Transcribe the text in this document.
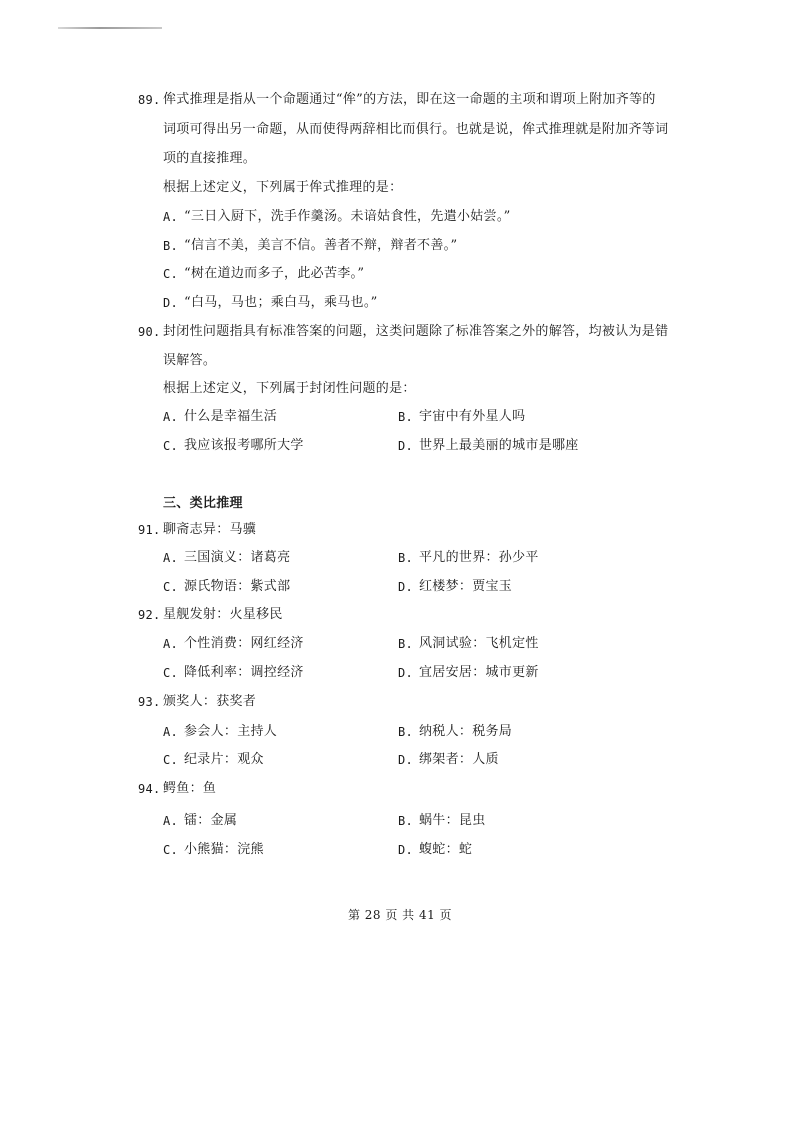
89. 侔式推理是指从一个命题通过“侔”的方法，即在这一命题的主项和谓项上附加齐等的
词项可得出另一命题，从而使得两辞相比而俱行。也就是说，侔式推理就是附加齐等词
项的直接推理。
根据上述定义，下列属于侔式推理的是：
A. “三日入厨下，洗手作羹汤。未谙姑食性，先遣小姑尝。”
B. “信言不美，美言不信。善者不辩，辩者不善。”
C. “树在道边而多子，此必苦李。”
D. “白马，马也；乘白马，乘马也。”
90. 封闭性问题指具有标准答案的问题，这类问题除了标准答案之外的解答，均被认为是错
误解答。
根据上述定义，下列属于封闭性问题的是：
A. 什么是幸福生活	B. 宇宙中有外星人吗
C. 我应该报考哪所大学	D. 世界上最美丽的城市是哪座
三、类比推理
91. 聊斋志异：马骥
A. 三国演义：诸葛亮	B. 平凡的世界：孙少平
C. 源氏物语：紫式部	D. 红楼梦：贾宝玉
92. 星舰发射：火星移民
A. 个性消费：网红经济	B. 风洞试验：飞机定性
C. 降低利率：调控经济	D. 宜居安居：城市更新
93. 颁奖人：获奖者
A. 参会人：主持人	B. 纳税人：税务局
C. 纪录片：观众	D. 绑架者：人质
94. 鳄鱼：鱼
A. 镭：金属	B. 蜗牛：昆虫
C. 小熊猫：浣熊	D. 蝮蛇：蛇
第 28 页 共 41 页
